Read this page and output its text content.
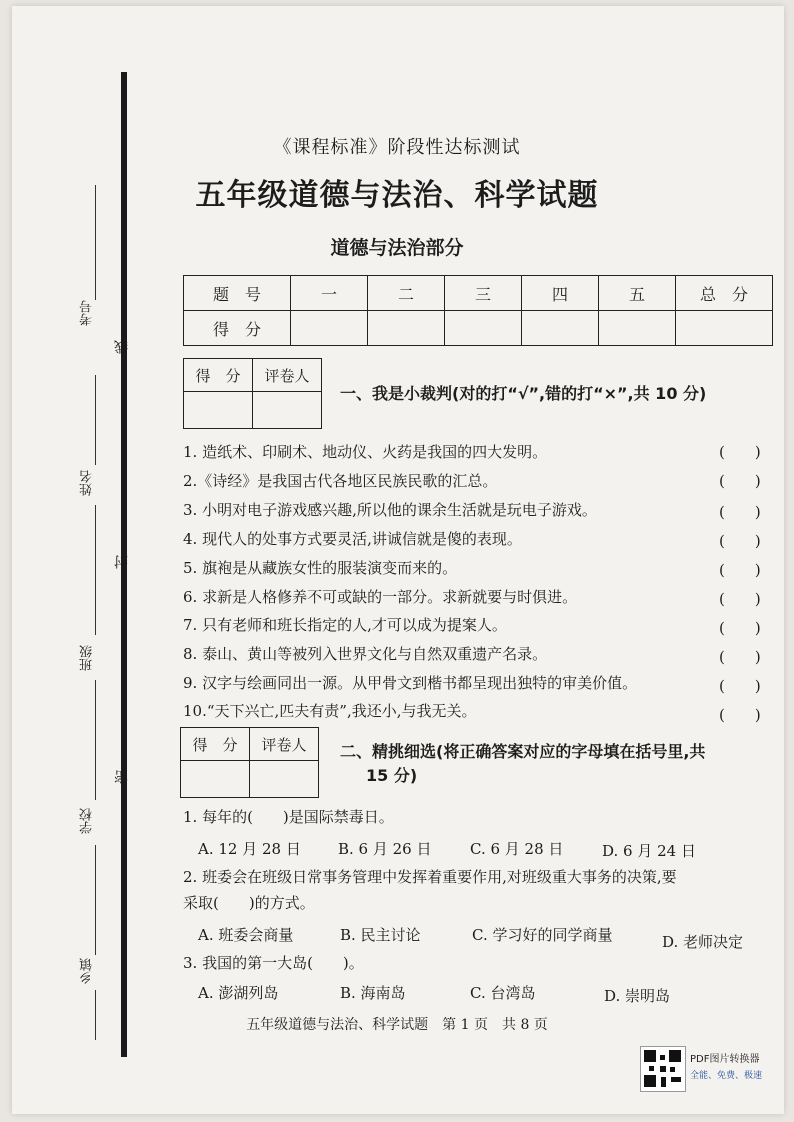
考号
线
姓名
封
班级
密
学校
乡镇
《课程标准》阶段性达标测试
五年级道德与法治、科学试题
道德与法治部分
题　号	一	二	三	四	五	总　分
得　分						
得　分	评卷人

一、我是小裁判(对的打“√”,错的打“×”,共 10 分)
1. 造纸术、印刷术、地动仪、火药是我国的四大发明。	(　　)
2.《诗经》是我国古代各地区民族民歌的汇总。	(　　)
3. 小明对电子游戏感兴趣,所以他的课余生活就是玩电子游戏。	(　　)
4. 现代人的处事方式要灵活,讲诚信就是傻的表现。	(　　)
5. 旗袍是从藏族女性的服装演变而来的。	(　　)
6. 求新是人格修养不可或缺的一部分。求新就要与时俱进。	(　　)
7. 只有老师和班长指定的人,才可以成为提案人。	(　　)
8. 泰山、黄山等被列入世界文化与自然双重遗产名录。	(　　)
9. 汉字与绘画同出一源。从甲骨文到楷书都呈现出独特的审美价值。	(　　)
10.“天下兴亡,匹夫有责”,我还小,与我无关。	(　　)
得　分	评卷人
	二、精挑细选(将正确答案对应的字母填在括号里,共
15 分)
1. 每年的(　　)是国际禁毒日。
A. 12 月 28 日 B. 6 月 26 日	C. 6 月 28 日	D. 6 月 24 日
2. 班委会在班级日常事务管理中发挥着重要作用,对班级重大事务的决策,要
采取(　　)的方式。
A. 班委会商量	B. 民主讨论	C. 学习好的同学商量	D. 老师决定
3. 我国的第一大岛(　　)。
A. 澎湖列岛	B. 海南岛	C. 台湾岛	D. 崇明岛
五年级道德与法治、科学试题　第 1 页　共 8 页
PDF图片转换器
全能、免费、极速
